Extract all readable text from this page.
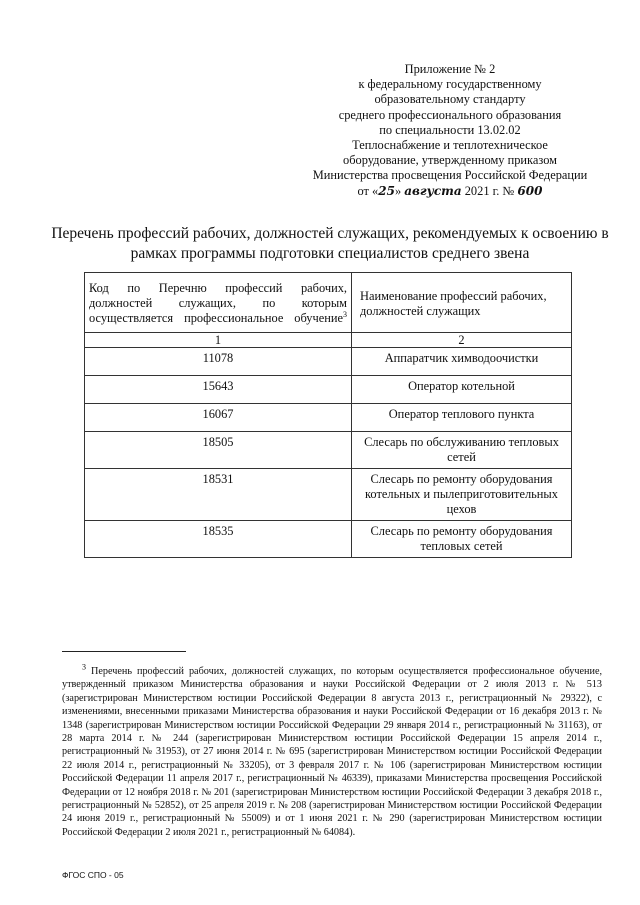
Приложение № 2
к федеральному государственному
образовательному стандарту
среднего профессионального образования
по специальности 13.02.02
Теплоснабжение и теплотехническое
оборудование, утвержденному приказом
Министерства просвещения Российской Федерации
от «25» августа 2021 г. № 600
Перечень профессий рабочих, должностей служащих, рекомендуемых к освоению в рамках программы подготовки специалистов среднего звена
Код по Перечню профессий рабочих, должностей служащих, по которым осуществляется профессиональное обучение$^3$	Наименование профессий рабочих, должностей служащих
1	2
11078	Аппаратчик химводоочистки
15643	Оператор котельной
16067	Оператор теплового пункта
18505	Слесарь по обслуживанию тепловых сетей
18531	Слесарь по ремонту оборудования котельных и пылеприготовительных цехов
18535	Слесарь по ремонту оборудования тепловых сетей
$^3$ Перечень профессий рабочих, должностей служащих, по которым осуществляется профессиональное обучение, утвержденный приказом Министерства образования и науки Российской Федерации от 2 июля 2013 г. № 513 (зарегистрирован Министерством юстиции Российской Федерации 8 августа 2013 г., регистрационный № 29322), с изменениями, внесенными приказами Министерства образования и науки Российской Федерации от 16 декабря 2013 г. № 1348 (зарегистрирован Министерством юстиции Российской Федерации 29 января 2014 г., регистрационный № 31163), от 28 марта 2014 г. № 244 (зарегистрирован Министерством юстиции Российской Федерации 15 апреля 2014 г., регистрационный № 31953), от 27 июня 2014 г. № 695 (зарегистрирован Министерством юстиции Российской Федерации 22 июля 2014 г., регистрационный № 33205), от 3 февраля 2017 г. № 106 (зарегистрирован Министерством юстиции Российской Федерации 11 апреля 2017 г., регистрационный № 46339), приказами Министерства просвещения Российской Федерации от 12 ноября 2018 г. № 201 (зарегистрирован Министерством юстиции Российской Федерации 3 декабря 2018 г., регистрационный № 52852), от 25 апреля 2019 г. № 208 (зарегистрирован Министерством юстиции Российской Федерации 24 июня 2019 г., регистрационный № 55009) и от 1 июня 2021 г. № 290 (зарегистрирован Министерством юстиции Российской Федерации 2 июля 2021 г., регистрационный № 64084).
ФГОС СПО - 05
